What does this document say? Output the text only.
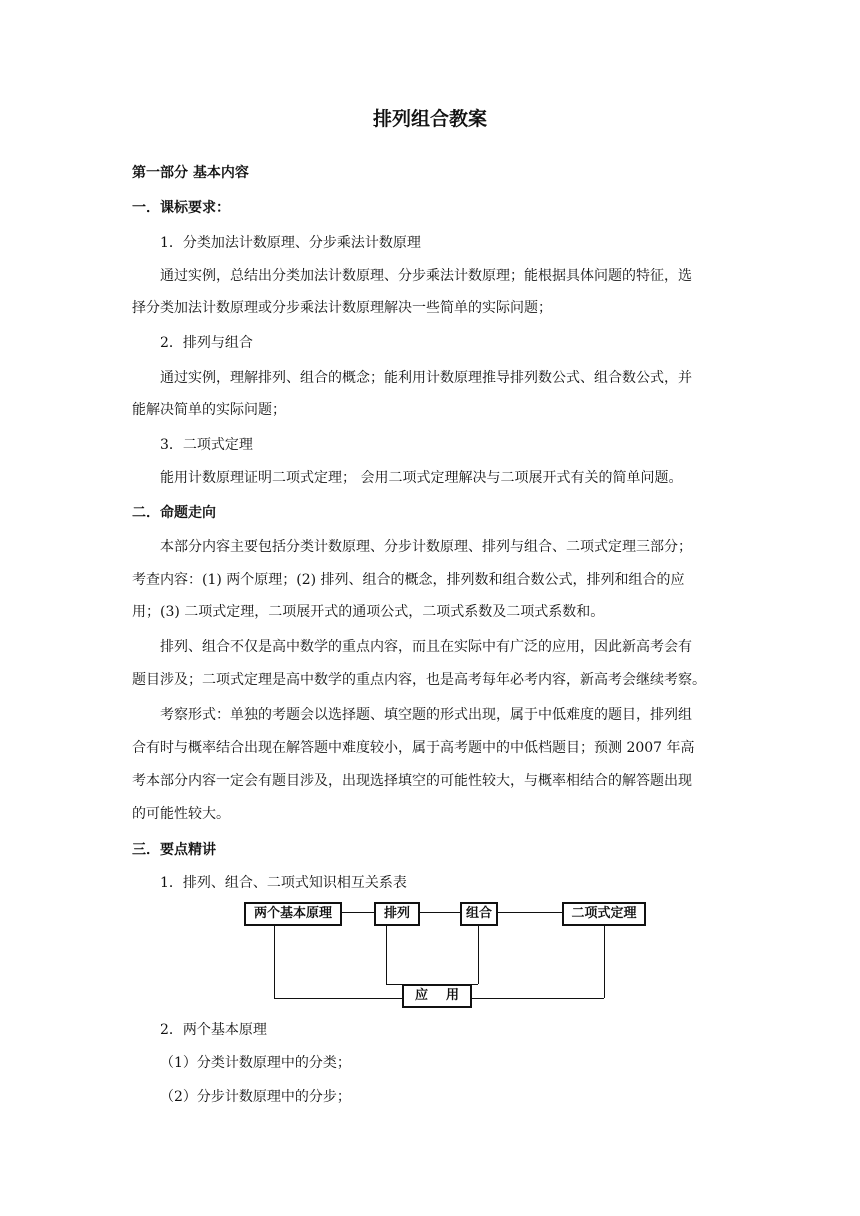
排列组合教案
第一部分 基本内容
一．课标要求：
1．分类加法计数原理、分步乘法计数原理
通过实例，总结出分类加法计数原理、分步乘法计数原理；能根据具体问题的特征，选
择分类加法计数原理或分步乘法计数原理解决一些简单的实际问题；
2．排列与组合
通过实例，理解排列、组合的概念；能利用计数原理推导排列数公式、组合数公式，并
能解决简单的实际问题；
3．二项式定理
能用计数原理证明二项式定理； 会用二项式定理解决与二项展开式有关的简单问题。
二．命题走向
本部分内容主要包括分类计数原理、分步计数原理、排列与组合、二项式定理三部分；
考查内容：(1) 两个原理；(2) 排列、组合的概念，排列数和组合数公式，排列和组合的应
用；(3) 二项式定理，二项展开式的通项公式，二项式系数及二项式系数和。
排列、组合不仅是高中数学的重点内容，而且在实际中有广泛的应用，因此新高考会有
题目涉及；二项式定理是高中数学的重点内容，也是高考每年必考内容，新高考会继续考察。
考察形式：单独的考题会以选择题、填空题的形式出现，属于中低难度的题目，排列组
合有时与概率结合出现在解答题中难度较小，属于高考题中的中低档题目；预测 2007 年高
考本部分内容一定会有题目涉及，出现选择填空的可能性较大，与概率相结合的解答题出现
的可能性较大。
三．要点精讲
1．排列、组合、二项式知识相互关系表
两个基本原理	排列	组合	二项式定理
应    用
2．两个基本原理
（1）分类计数原理中的分类；
（2）分步计数原理中的分步；
